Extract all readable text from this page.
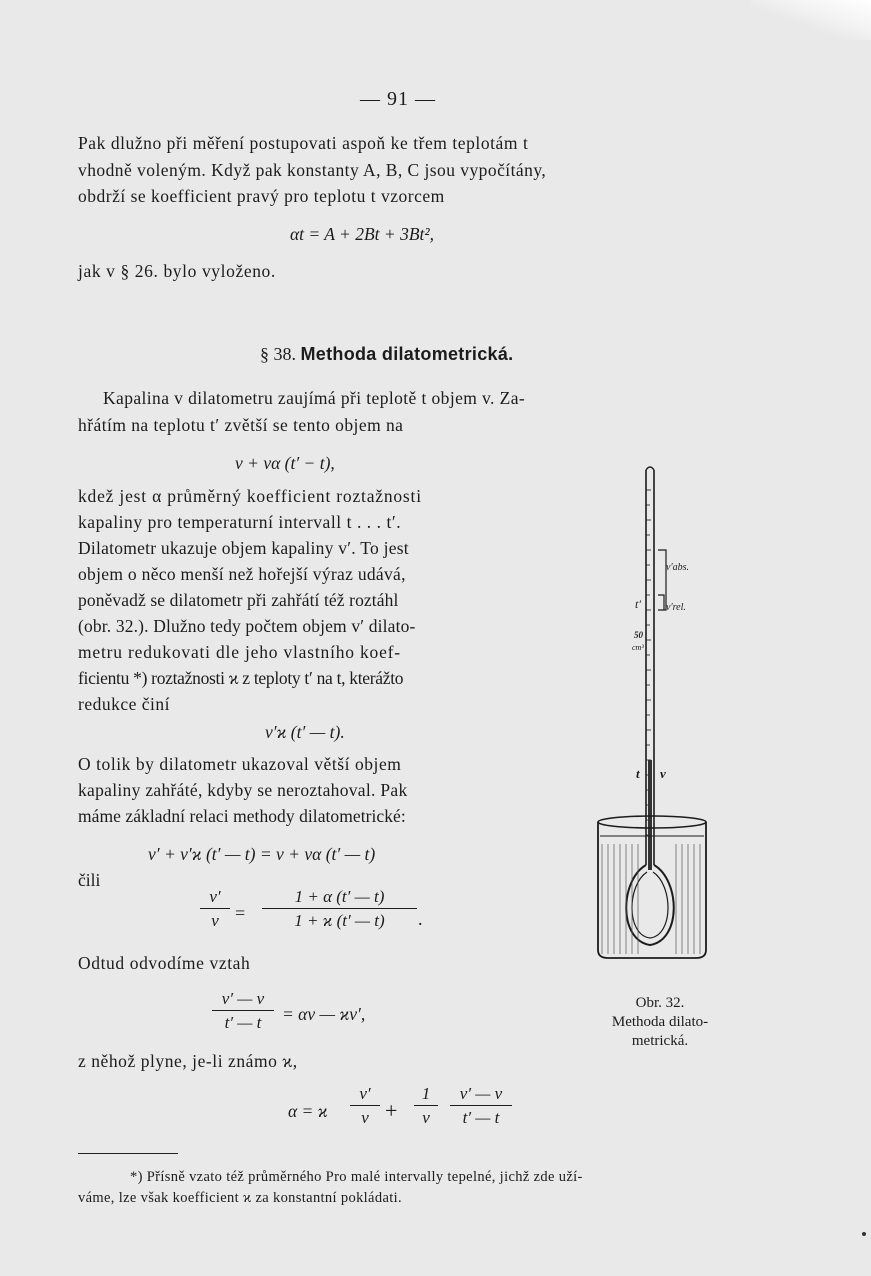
— 91 —
Pak dlužno při měření postupovati aspoň ke třem teplotám t
vhodně voleným. Když pak konstanty A, B, C jsou vypočítány,
obdrží se koefficient pravý pro teplotu t vzorcem
αt = A + 2Bt + 3Bt²,
jak v § 26. bylo vyloženo.
§ 38. Methoda dilatometrická.
Kapalina v dilatometru zaujímá při teplotě t objem v. Za-
hřátím na teplotu t′ zvětší se tento objem na
v + vα (t′ − t),
kdež jest α průměrný koefficient roztažnosti
kapaliny pro temperaturní intervall t . . . t′.
Dilatometr ukazuje objem kapaliny v′. To jest
objem o něco menší než hořejší výraz udává,
poněvadž se dilatometr při zahřátí též roztáhl
(obr. 32.). Dlužno tedy počtem objem v′ dilato-
metru redukovati dle jeho vlastního koef-
ficientu *) roztažnosti ϰ z teploty t′ na t, kterážto
redukce činí
v′ϰ (t′ — t).
O tolik by dilatometr ukazoval větší objem
kapaliny zahřáté, kdyby se neroztahoval. Pak
máme základní relaci methody dilatometrické:
v′ + v′ϰ (t′ — t) = v + vα (t′ — t)
čili
$\frac{v'}{v} = \frac{1 + \alpha (t' — t)}{1 + ϰ (t' — t)}$ .
Odtud odvodíme vztah
$\frac{v' — v}{t' — t} = \alpha v$ — ϰv′,
z něhož plyne, je-li známo ϰ,
α = ϰ $\frac{v'}{v} + \frac{1}{v} \frac{v' — v}{t' — t}$
*) Přísně vzato též průměrného Pro malé intervally tepelné, jichž zde uží-
váme, lze však koefficient ϰ za konstantní pokládati.
v′abs.
t′	v′rel.
50
cm³
t v
Obr. 32.
Methoda dilato-
metrická.
